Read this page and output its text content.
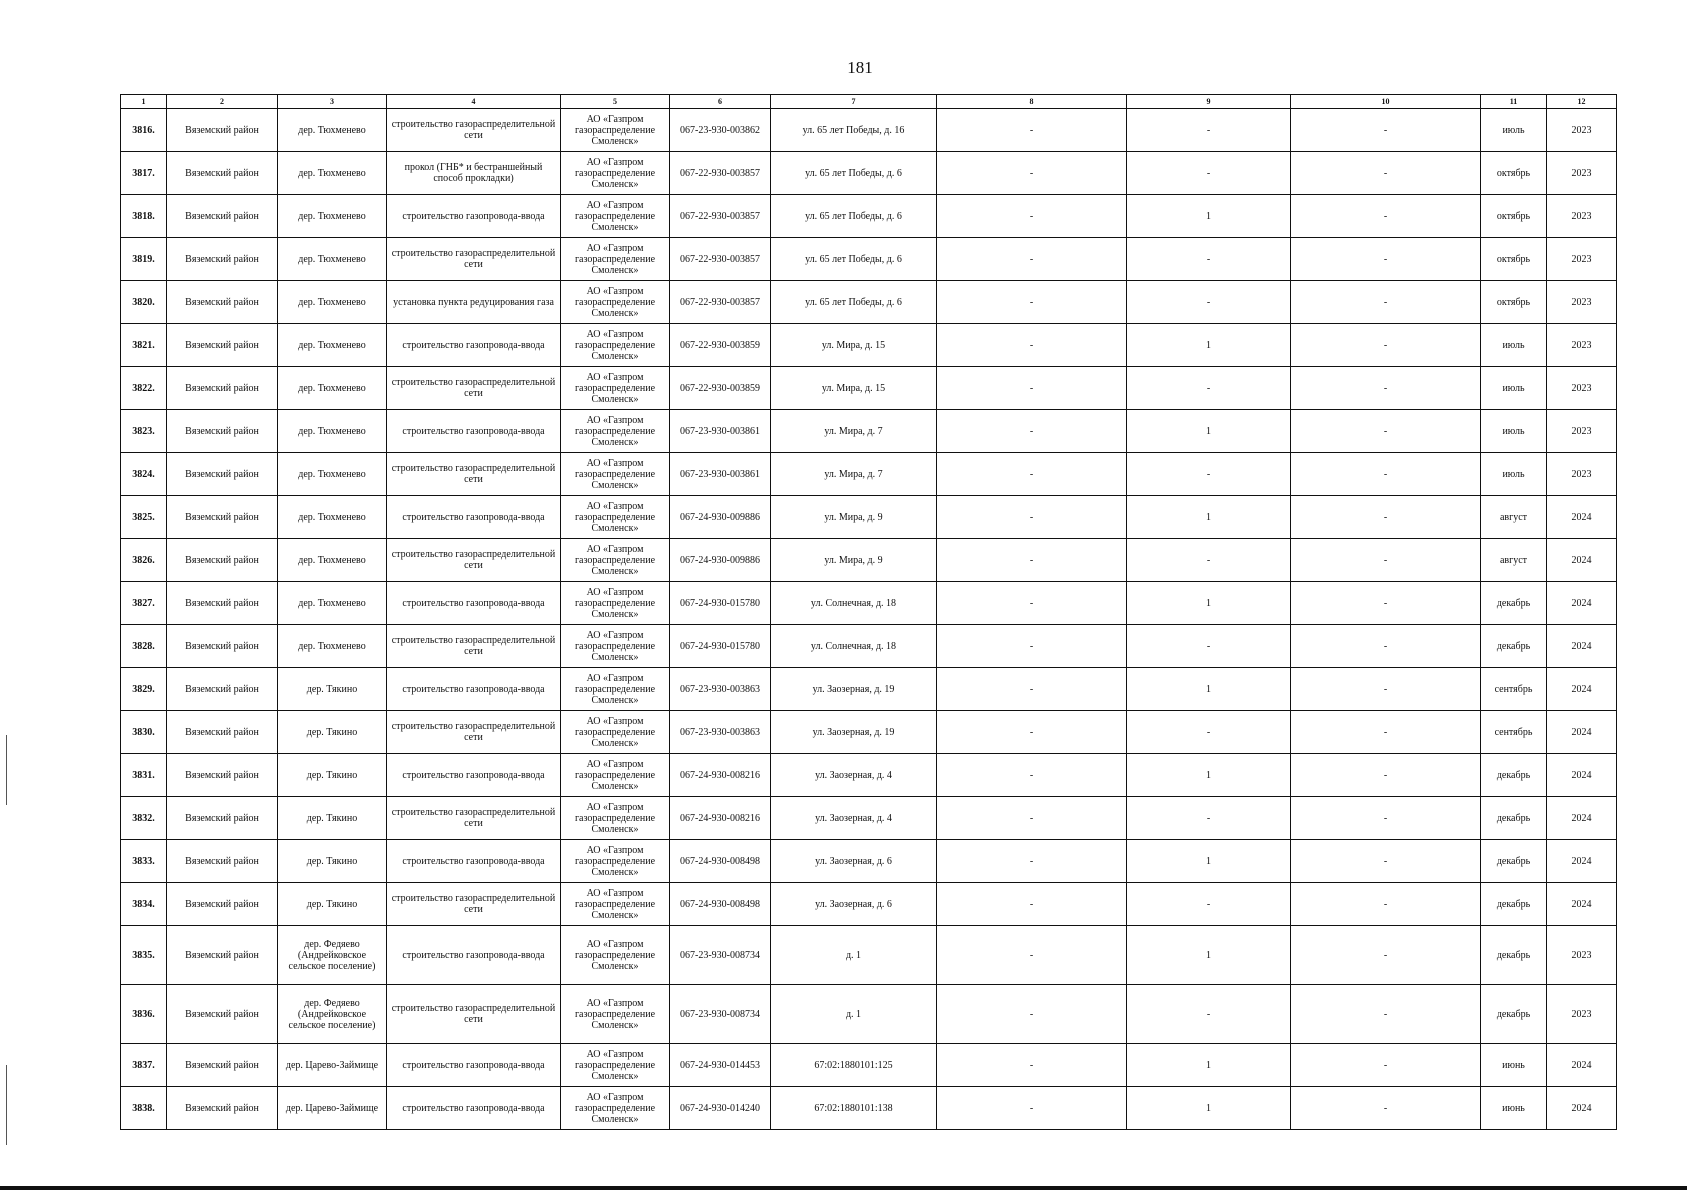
181
1	2	3	4	5	6	7	8	9	10	11	12
3816.	Вяземский район	дер. Тюхменево	строительство газораспределительной сети	АО «Газпром газораспределение Смоленск»	067-23-930-003862	ул. 65 лет Победы, д. 16	-	-	-	июль	2023
3817.	Вяземский район	дер. Тюхменево	прокол (ГНБ* и бестраншейный способ прокладки)	АО «Газпром газораспределение Смоленск»	067-22-930-003857	ул. 65 лет Победы, д. 6	-	-	-	октябрь	2023
3818.	Вяземский район	дер. Тюхменево	строительство газопровода-ввода	АО «Газпром газораспределение Смоленск»	067-22-930-003857	ул. 65 лет Победы, д. 6	-	1	-	октябрь	2023
3819.	Вяземский район	дер. Тюхменево	строительство газораспределительной сети	АО «Газпром газораспределение Смоленск»	067-22-930-003857	ул. 65 лет Победы, д. 6	-	-	-	октябрь	2023
3820.	Вяземский район	дер. Тюхменево	установка пункта редуцирования газа	АО «Газпром газораспределение Смоленск»	067-22-930-003857	ул. 65 лет Победы, д. 6	-	-	-	октябрь	2023
3821.	Вяземский район	дер. Тюхменево	строительство газопровода-ввода	АО «Газпром газораспределение Смоленск»	067-22-930-003859	ул. Мира, д. 15	-	1	-	июль	2023
3822.	Вяземский район	дер. Тюхменево	строительство газораспределительной сети	АО «Газпром газораспределение Смоленск»	067-22-930-003859	ул. Мира, д. 15	-	-	-	июль	2023
3823.	Вяземский район	дер. Тюхменево	строительство газопровода-ввода	АО «Газпром газораспределение Смоленск»	067-23-930-003861	ул. Мира, д. 7	-	1	-	июль	2023
3824.	Вяземский район	дер. Тюхменево	строительство газораспределительной сети	АО «Газпром газораспределение Смоленск»	067-23-930-003861	ул. Мира, д. 7	-	-	-	июль	2023
3825.	Вяземский район	дер. Тюхменево	строительство газопровода-ввода	АО «Газпром газораспределение Смоленск»	067-24-930-009886	ул. Мира, д. 9	-	1	-	август	2024
3826.	Вяземский район	дер. Тюхменево	строительство газораспределительной сети	АО «Газпром газораспределение Смоленск»	067-24-930-009886	ул. Мира, д. 9	-	-	-	август	2024
3827.	Вяземский район	дер. Тюхменево	строительство газопровода-ввода	АО «Газпром газораспределение Смоленск»	067-24-930-015780	ул. Солнечная, д. 18	-	1	-	декабрь	2024
3828.	Вяземский район	дер. Тюхменево	строительство газораспределительной сети	АО «Газпром газораспределение Смоленск»	067-24-930-015780	ул. Солнечная, д. 18	-	-	-	декабрь	2024
3829.	Вяземский район	дер. Тякино	строительство газопровода-ввода	АО «Газпром газораспределение Смоленск»	067-23-930-003863	ул. Заозерная, д. 19	-	1	-	сентябрь	2024
3830.	Вяземский район	дер. Тякино	строительство газораспределительной сети	АО «Газпром газораспределение Смоленск»	067-23-930-003863	ул. Заозерная, д. 19	-	-	-	сентябрь	2024
3831.	Вяземский район	дер. Тякино	строительство газопровода-ввода	АО «Газпром газораспределение Смоленск»	067-24-930-008216	ул. Заозерная, д. 4	-	1	-	декабрь	2024
3832.	Вяземский район	дер. Тякино	строительство газораспределительной сети	АО «Газпром газораспределение Смоленск»	067-24-930-008216	ул. Заозерная, д. 4	-	-	-	декабрь	2024
3833.	Вяземский район	дер. Тякино	строительство газопровода-ввода	АО «Газпром газораспределение Смоленск»	067-24-930-008498	ул. Заозерная, д. 6	-	1	-	декабрь	2024
3834.	Вяземский район	дер. Тякино	строительство газораспределительной сети	АО «Газпром газораспределение Смоленск»	067-24-930-008498	ул. Заозерная, д. 6	-	-	-	декабрь	2024
3835.	Вяземский район	дер. Федяево (Андрейковское сельское поселение)	строительство газопровода-ввода	АО «Газпром газораспределение Смоленск»	067-23-930-008734	д. 1	-	1	-	декабрь	2023
3836.	Вяземский район	дер. Федяево (Андрейковское сельское поселение)	строительство газораспределительной сети	АО «Газпром газораспределение Смоленск»	067-23-930-008734	д. 1	-	-	-	декабрь	2023
3837.	Вяземский район	дер. Царево-Займище	строительство газопровода-ввода	АО «Газпром газораспределение Смоленск»	067-24-930-014453	67:02:1880101:125	-	1	-	июнь	2024
3838.	Вяземский район	дер. Царево-Займище	строительство газопровода-ввода	АО «Газпром газораспределение Смоленск»	067-24-930-014240	67:02:1880101:138	-	1	-	июнь	2024
